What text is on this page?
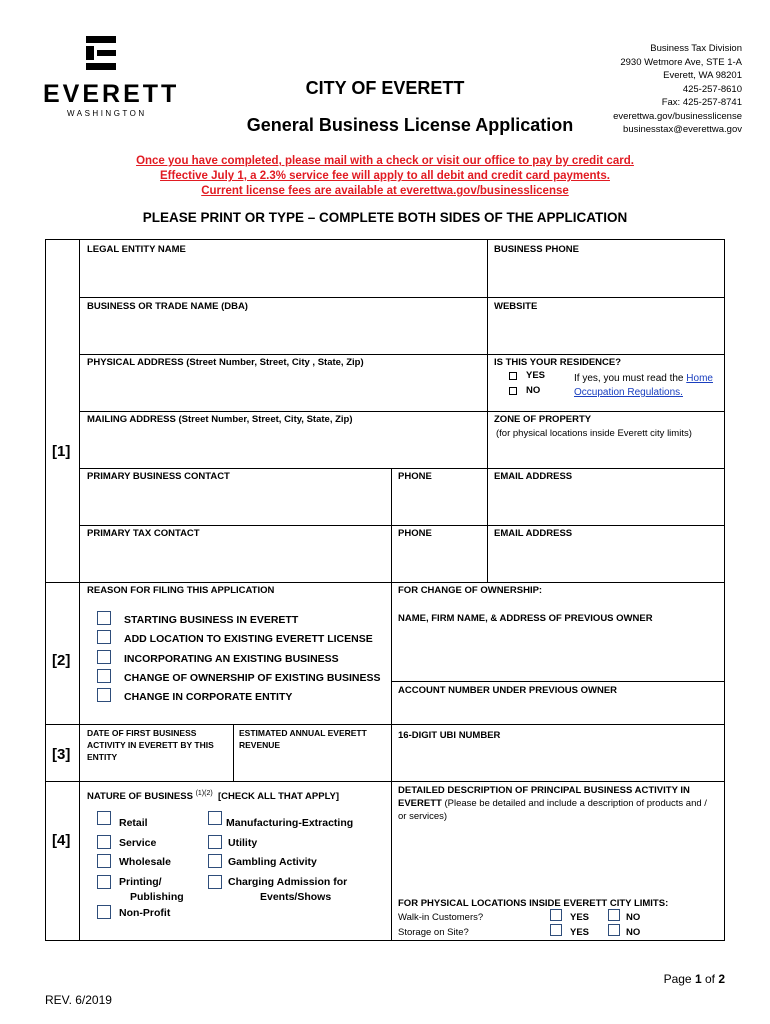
EVERETT
WASHINGTON
CITY OF EVERETT
General Business License Application
Business Tax Division
2930 Wetmore Ave, STE 1-A
Everett, WA 98201
425-257-8610
Fax: 425-257-8741
everettwa.gov/businesslicense
businesstax@everettwa.gov
Once you have completed, please mail with a check or visit our office to pay by credit card.
Effective July 1, a 2.3% service fee will apply to all debit and credit card payments.
Current license fees are available at everettwa.gov/businesslicense
PLEASE PRINT OR TYPE – COMPLETE BOTH SIDES OF THE APPLICATION
[1]
LEGAL ENTITY NAME	BUSINESS PHONE
BUSINESS OR TRADE NAME (DBA)	WEBSITE
PHYSICAL ADDRESS (Street Number, Street, City , State, Zip)	IS THIS YOUR RESIDENCE?
YES
NO
If yes, you must read the Home
Occupation Regulations.
MAILING ADDRESS (Street Number, Street, City, State, Zip)	ZONE OF PROPERTY
(for physical locations inside Everett city limits)
PRIMARY BUSINESS CONTACT	PHONE	EMAIL ADDRESS
PRIMARY TAX CONTACT	PHONE	EMAIL ADDRESS
[2]
REASON FOR FILING THIS APPLICATION	FOR CHANGE OF OWNERSHIP:
NAME, FIRM NAME, & ADDRESS OF PREVIOUS OWNER
ACCOUNT NUMBER UNDER PREVIOUS OWNER
STARTING BUSINESS IN EVERETT
ADD LOCATION TO EXISTING EVERETT LICENSE
INCORPORATING AN EXISTING BUSINESS
CHANGE OF OWNERSHIP OF EXISTING BUSINESS
CHANGE IN CORPORATE ENTITY
[3]
DATE OF FIRST BUSINESS ACTIVITY IN EVERETT BY THIS ENTITY
ESTIMATED ANNUAL EVERETT REVENUE
16-DIGIT UBI NUMBER
[4]
NATURE OF BUSINESS $^{(1)(2)}$ [CHECK ALL THAT APPLY]
Retail
Service
Wholesale
Printing/
Publishing
Non-Profit
Manufacturing-Extracting
Utility
Gambling Activity
Charging Admission for
Events/Shows
DETAILED DESCRIPTION OF PRINCIPAL BUSINESS ACTIVITY IN EVERETT (Please be detailed and include a description of products and / or services)
FOR PHYSICAL LOCATIONS INSIDE EVERETT CITY LIMITS:
Walk-in Customers?	YES	NO
Storage on Site?	YES	NO
Page 1 of 2
REV. 6/2019
